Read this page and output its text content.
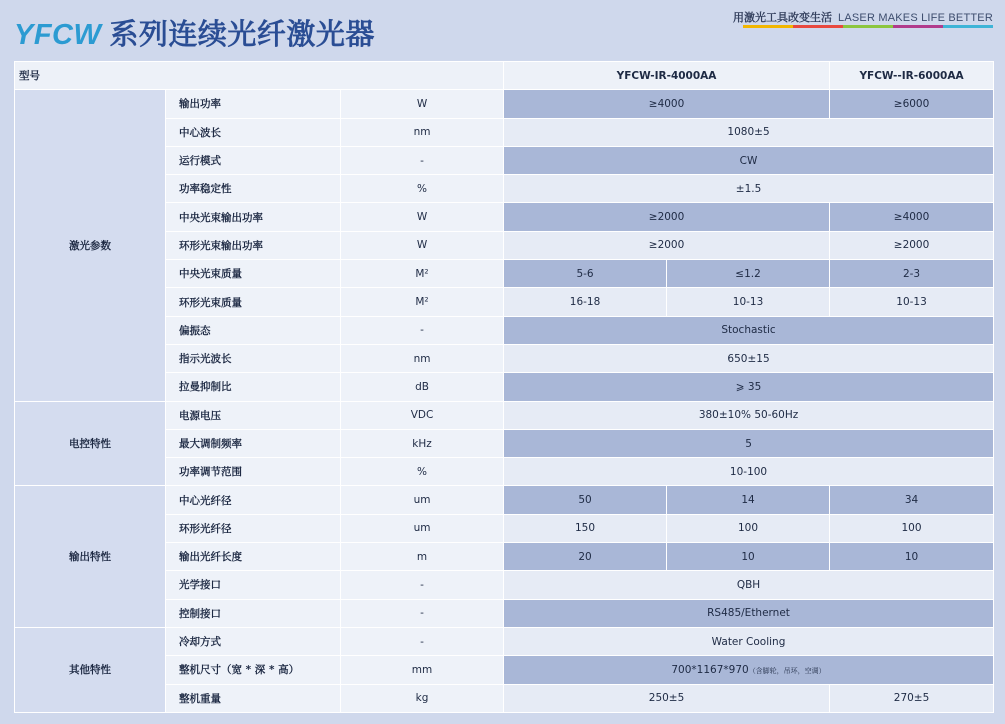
YFCW 系列连续光纤激光器	用激光工具改变生活 LASER MAKES LIFE BETTER
型号			YFCW-IR-4000AA		YFCW--IR-6000AA
激光参数	输出功率	W	≥4000		≥6000
	中心波长	nm	1080±5		
	运行模式	-	CW		
	功率稳定性	%	±1.5		
	中央光束输出功率	W	≥2000		≥4000
	环形光束输出功率	W	≥2000		≥2000
	中央光束质量	M²	5-6	≤1.2	2-3
	环形光束质量	M²	16-18	10-13	10-13
	偏振态	-	Stochastic		
	指示光波长	nm	650±15		
	拉曼抑制比	dB	⩾ 35		
电控特性	电源电压	VDC	380±10% 50-60Hz		
	最大调制频率	kHz	5		
	功率调节范围	%	10-100		
输出特性	中心光纤径	um	50	14	34
	环形光纤径	um	150	100	100
	输出光纤长度	m	20	10	10
	光学接口	-	QBH		
	控制接口	-	RS485/Ethernet		
其他特性	冷却方式	-	Water Cooling		
	整机尺寸（宽 * 深 * 高）	mm	700*1167*970（含脚轮，吊环，空调）		
	整机重量	kg	250±5		270±5
